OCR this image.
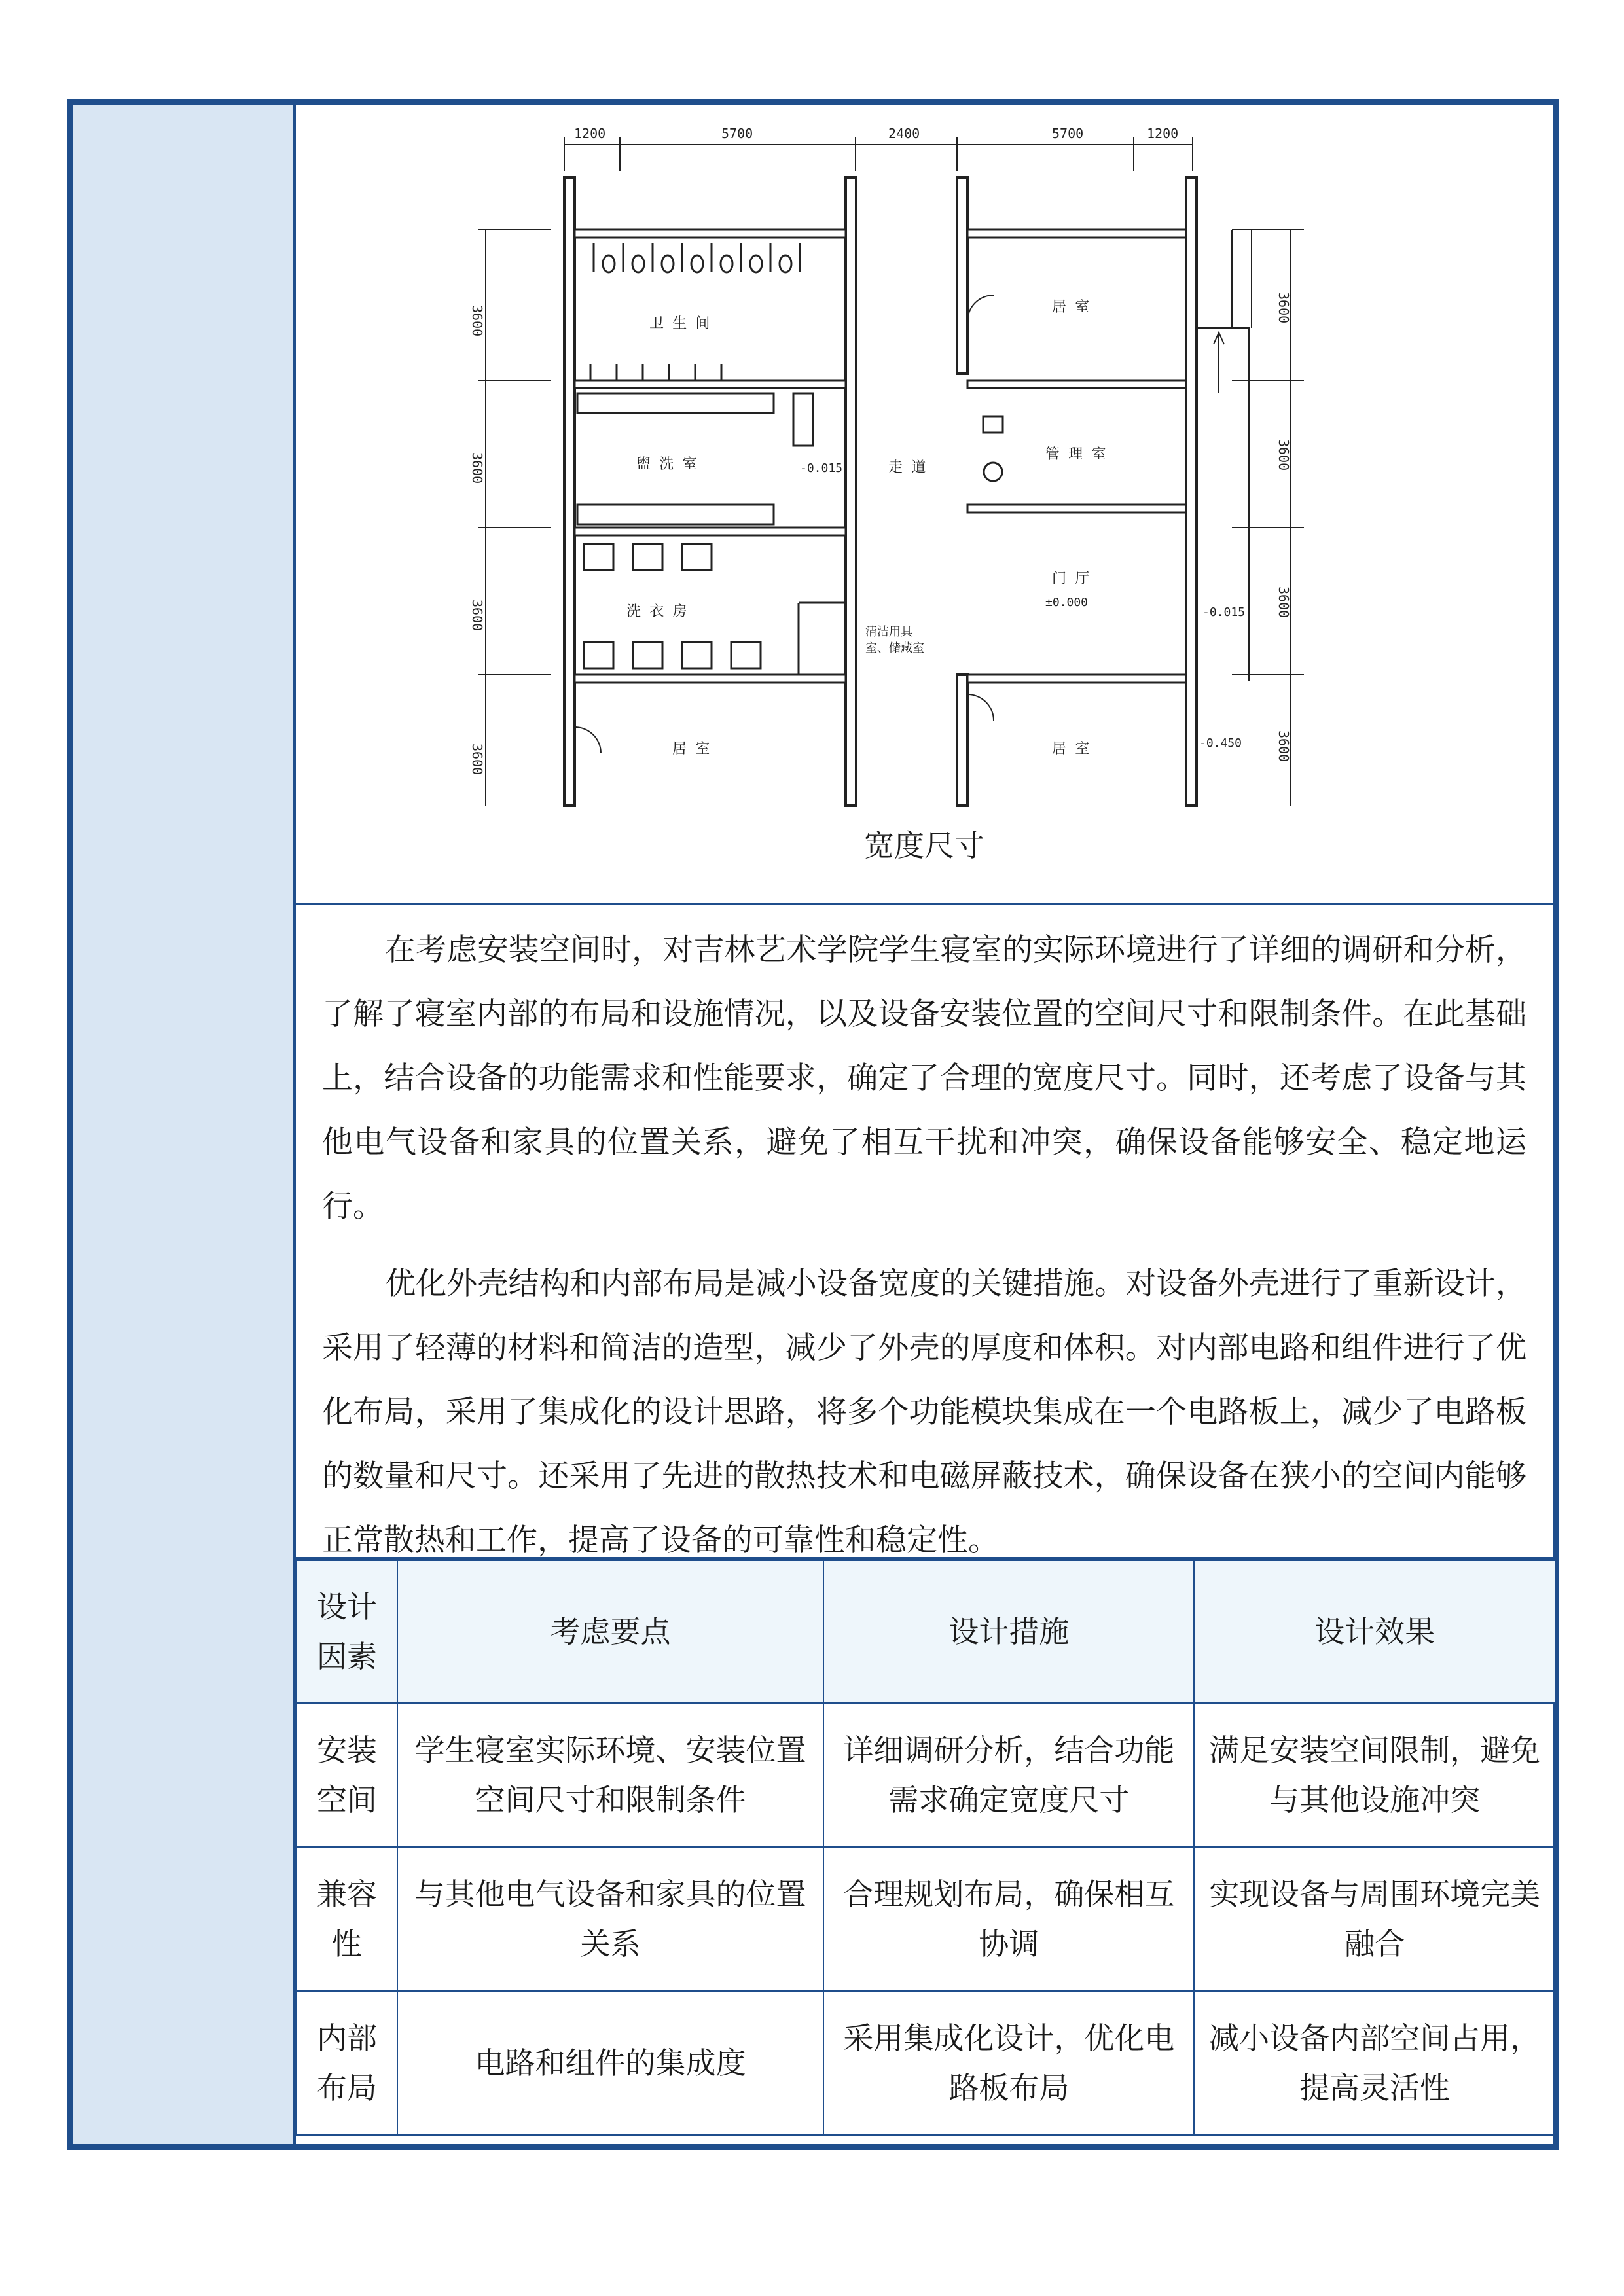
1200	5700	2400	5700	1200
3600
3600
3600
3600
3600
3600
3600
3600
卫 生 间
盥 洗 室	-0.015
洗 衣 房
清洁用具
室、储藏室
居 室
走 道
居 室
管 理 室
门 厅
±0.000
居 室
-0.015
-0.450
宽度尺寸

在考虑安装空间时，对吉林艺术学院学生寝室的实际环境进行了详细的调研和分析，了解了寝室内部的布局和设施情况，以及设备安装位置的空间尺寸和限制条件。在此基础上，结合设备的功能需求和性能要求，确定了合理的宽度尺寸。同时，还考虑了设备与其他电气设备和家具的位置关系，避免了相互干扰和冲突，确保设备能够安全、稳定地运行。

优化外壳结构和内部布局是减小设备宽度的关键措施。对设备外壳进行了重新设计，采用了轻薄的材料和简洁的造型，减少了外壳的厚度和体积。对内部电路和组件进行了优化布局，采用了集成化的设计思路，将多个功能模块集成在一个电路板上，减少了电路板的数量和尺寸。还采用了先进的散热技术和电磁屏蔽技术，确保设备在狭小的空间内能够正常散热和工作，提高了设备的可靠性和稳定性。

设计因素	考虑要点	设计措施	设计效果
安装空间	学生寝室实际环境、安装位置空间尺寸和限制条件	详细调研分析，结合功能需求确定宽度尺寸	满足安装空间限制，避免与其他设施冲突
兼容性	与其他电气设备和家具的位置关系	合理规划布局，确保相互协调	实现设备与周围环境完美融合
内部布局	电路和组件的集成度	采用集成化设计，优化电路板布局	减小设备内部空间占用，提高灵活性
